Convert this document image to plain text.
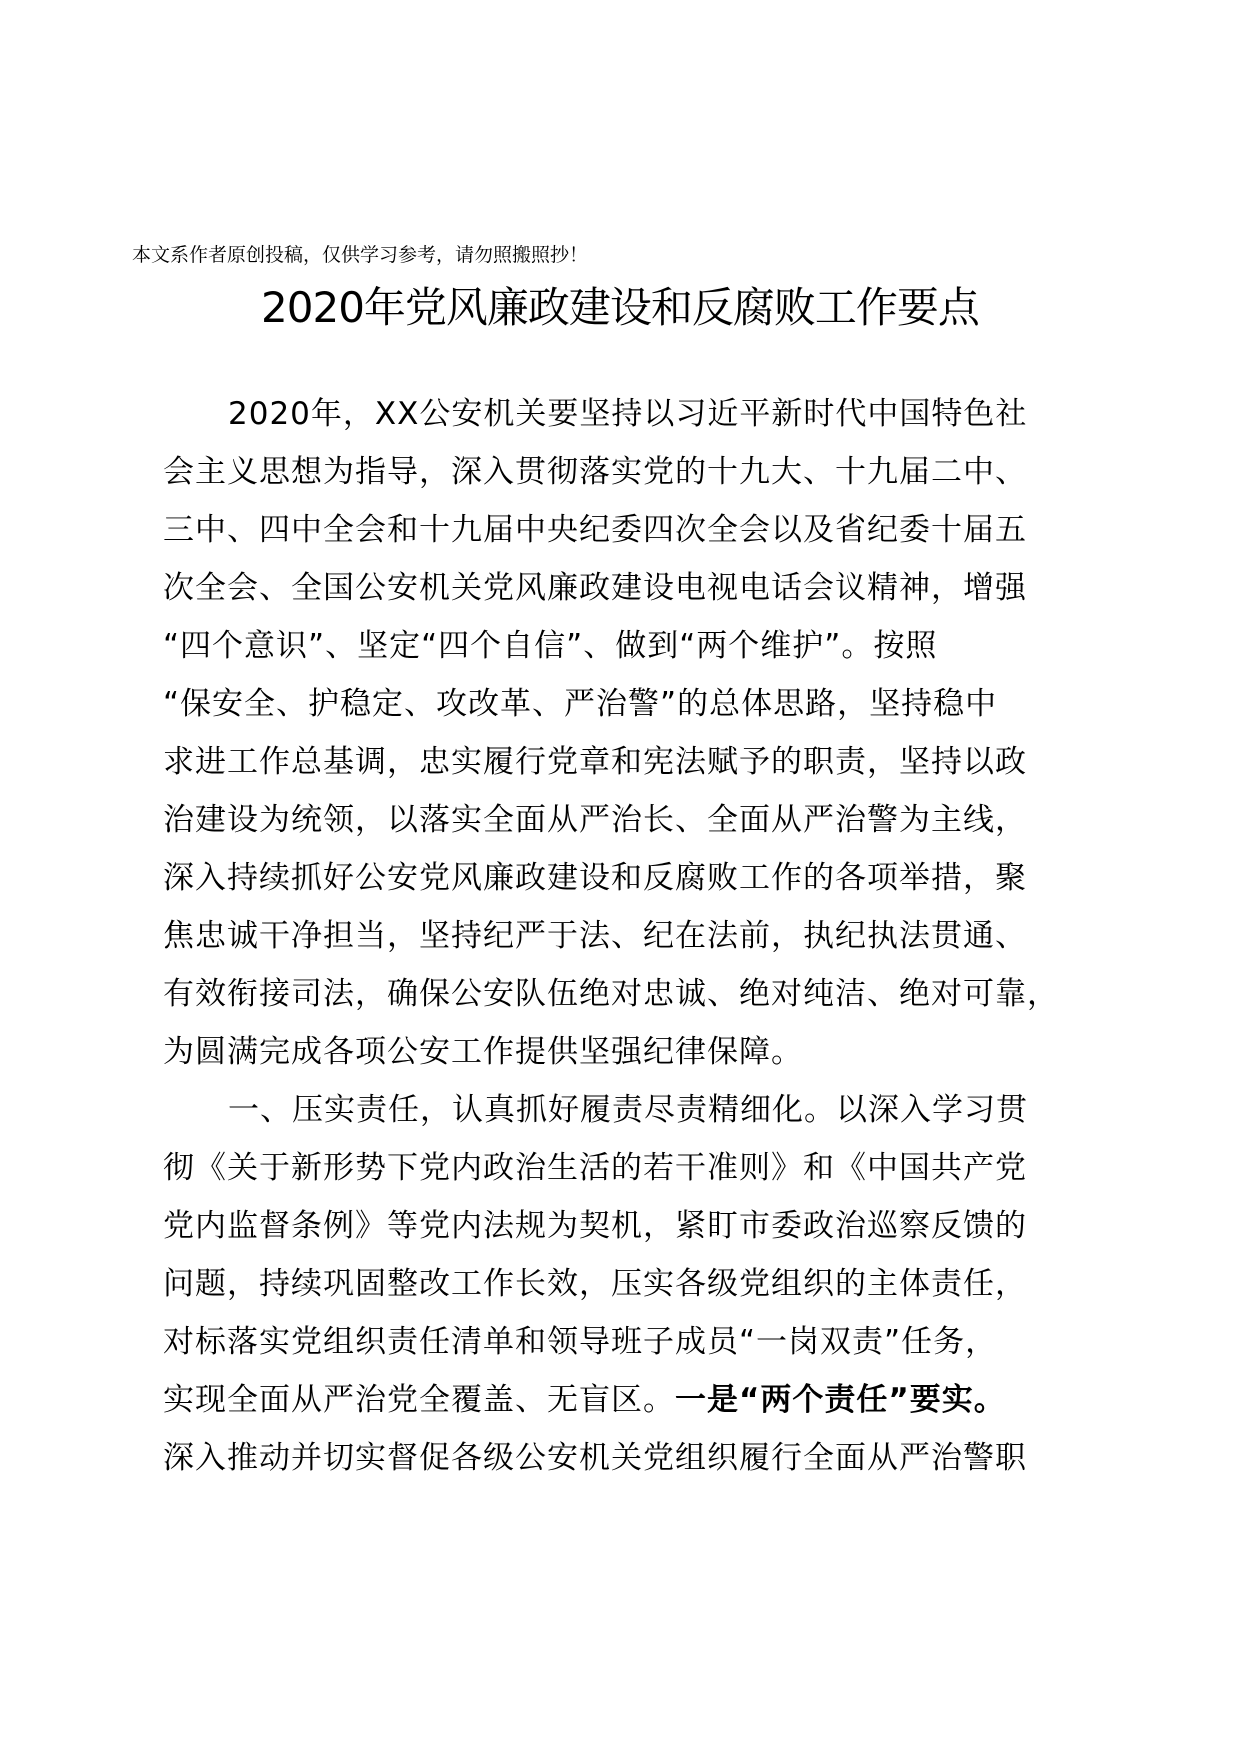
本文系作者原创投稿，仅供学习参考，请勿照搬照抄！
2020年党风廉政建设和反腐败工作要点
2020年，XX公安机关要坚持以习近平新时代中国特色社
会主义思想为指导，深入贯彻落实党的十九大、十九届二中、
三中、四中全会和十九届中央纪委四次全会以及省纪委十届五
次全会、全国公安机关党风廉政建设电视电话会议精神，增强
“四个意识”、坚定“四个自信”、做到“两个维护”。按照
“保安全、护稳定、攻改革、严治警”的总体思路，坚持稳中
求进工作总基调，忠实履行党章和宪法赋予的职责，坚持以政
治建设为统领，以落实全面从严治长、全面从严治警为主线，
深入持续抓好公安党风廉政建设和反腐败工作的各项举措，聚
焦忠诚干净担当，坚持纪严于法、纪在法前，执纪执法贯通、
有效衔接司法，确保公安队伍绝对忠诚、绝对纯洁、绝对可靠，
为圆满完成各项公安工作提供坚强纪律保障。
一、压实责任，认真抓好履责尽责精细化。以深入学习贯
彻《关于新形势下党内政治生活的若干准则》和《中国共产党
党内监督条例》等党内法规为契机，紧盯市委政治巡察反馈的
问题，持续巩固整改工作长效，压实各级党组织的主体责任，
对标落实党组织责任清单和领导班子成员“一岗双责”任务，
实现全面从严治党全覆盖、无盲区。一是“两个责任”要实。
深入推动并切实督促各级公安机关党组织履行全面从严治警职
